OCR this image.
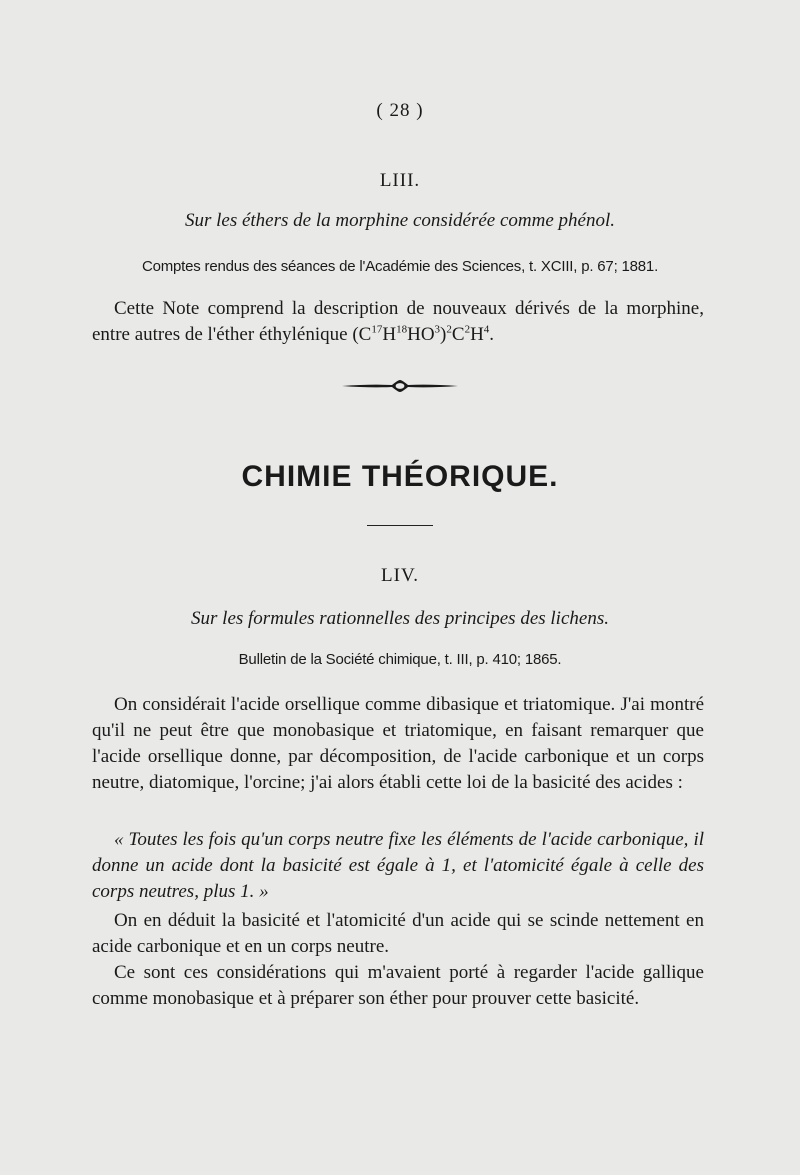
( 28 )
LIII.
Sur les éthers de la morphine considérée comme phénol.
Comptes rendus des séances de l'Académie des Sciences, t. XCIII, p. 67; 1881.
Cette Note comprend la description de nouveaux dérivés de la morphine, entre autres de l'éther éthylénique $(C^{17}H^{18}HO^3)^2C^2H^4$.
CHIMIE THÉORIQUE.
LIV.
Sur les formules rationnelles des principes des lichens.
Bulletin de la Société chimique, t. III, p. 410; 1865.
On considérait l'acide orsellique comme dibasique et triatomique. J'ai montré qu'il ne peut être que monobasique et triatomique, en faisant remarquer que l'acide orsellique donne, par décomposition, de l'acide carbonique et un corps neutre, diatomique, l'orcine; j'ai alors établi cette loi de la basicité des acides :
« Toutes les fois qu'un corps neutre fixe les éléments de l'acide carbonique, il donne un acide dont la basicité est égale à 1, et l'atomicité égale à celle des corps neutres, plus 1. »
On en déduit la basicité et l'atomicité d'un acide qui se scinde nettement en acide carbonique et en un corps neutre.
Ce sont ces considérations qui m'avaient porté à regarder l'acide gallique comme monobasique et à préparer son éther pour prouver cette basicité.
